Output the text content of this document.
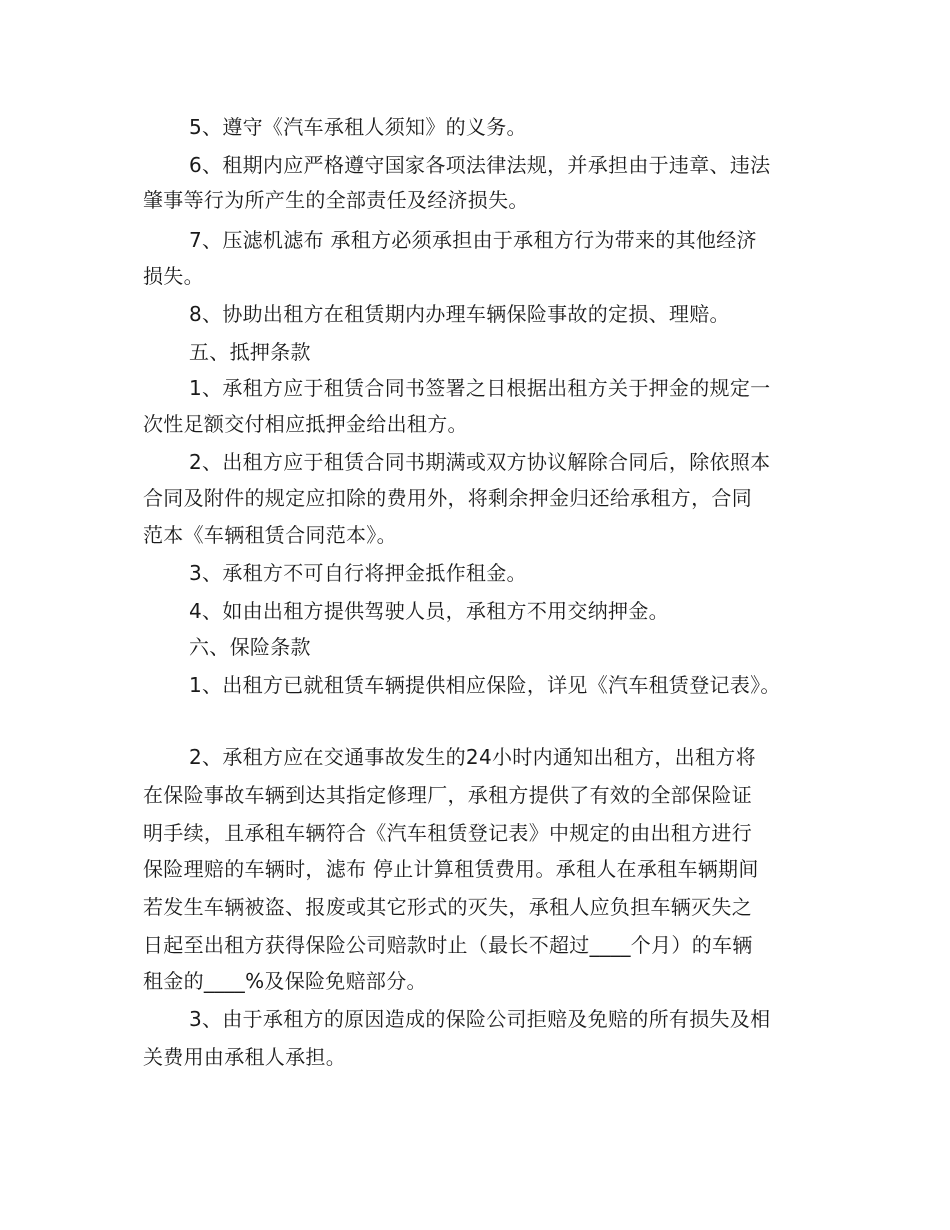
5、遵守《汽车承租人须知》的义务。

6、租期内应严格遵守国家各项法律法规，并承担由于违章、违法

肇事等行为所产生的全部责任及经济损失。

7、压滤机滤布 承租方必须承担由于承租方行为带来的其他经济

损失。

8、协助出租方在租赁期内办理车辆保险事故的定损、理赔。

五、抵押条款

1、承租方应于租赁合同书签署之日根据出租方关于押金的规定一

次性足额交付相应抵押金给出租方。

2、出租方应于租赁合同书期满或双方协议解除合同后，除依照本

合同及附件的规定应扣除的费用外，将剩余押金归还给承租方，合同

范本《车辆租赁合同范本》。

3、承租方不可自行将押金抵作租金。

4、如由出租方提供驾驶人员，承租方不用交纳押金。

六、保险条款

1、出租方已就租赁车辆提供相应保险，详见《汽车租赁登记表》。

2、承租方应在交通事故发生的24小时内通知出租方，出租方将

在保险事故车辆到达其指定修理厂，承租方提供了有效的全部保险证

明手续，且承租车辆符合《汽车租赁登记表》中规定的由出租方进行

保险理赔的车辆时，滤布 停止计算租赁费用。承租人在承租车辆期间

若发生车辆被盗、报废或其它形式的灭失，承租人应负担车辆灭失之

日起至出租方获得保险公司赔款时止（最长不超过____个月）的车辆

租金的____%及保险免赔部分。

3、由于承租方的原因造成的保险公司拒赔及免赔的所有损失及相

关费用由承租人承担。
